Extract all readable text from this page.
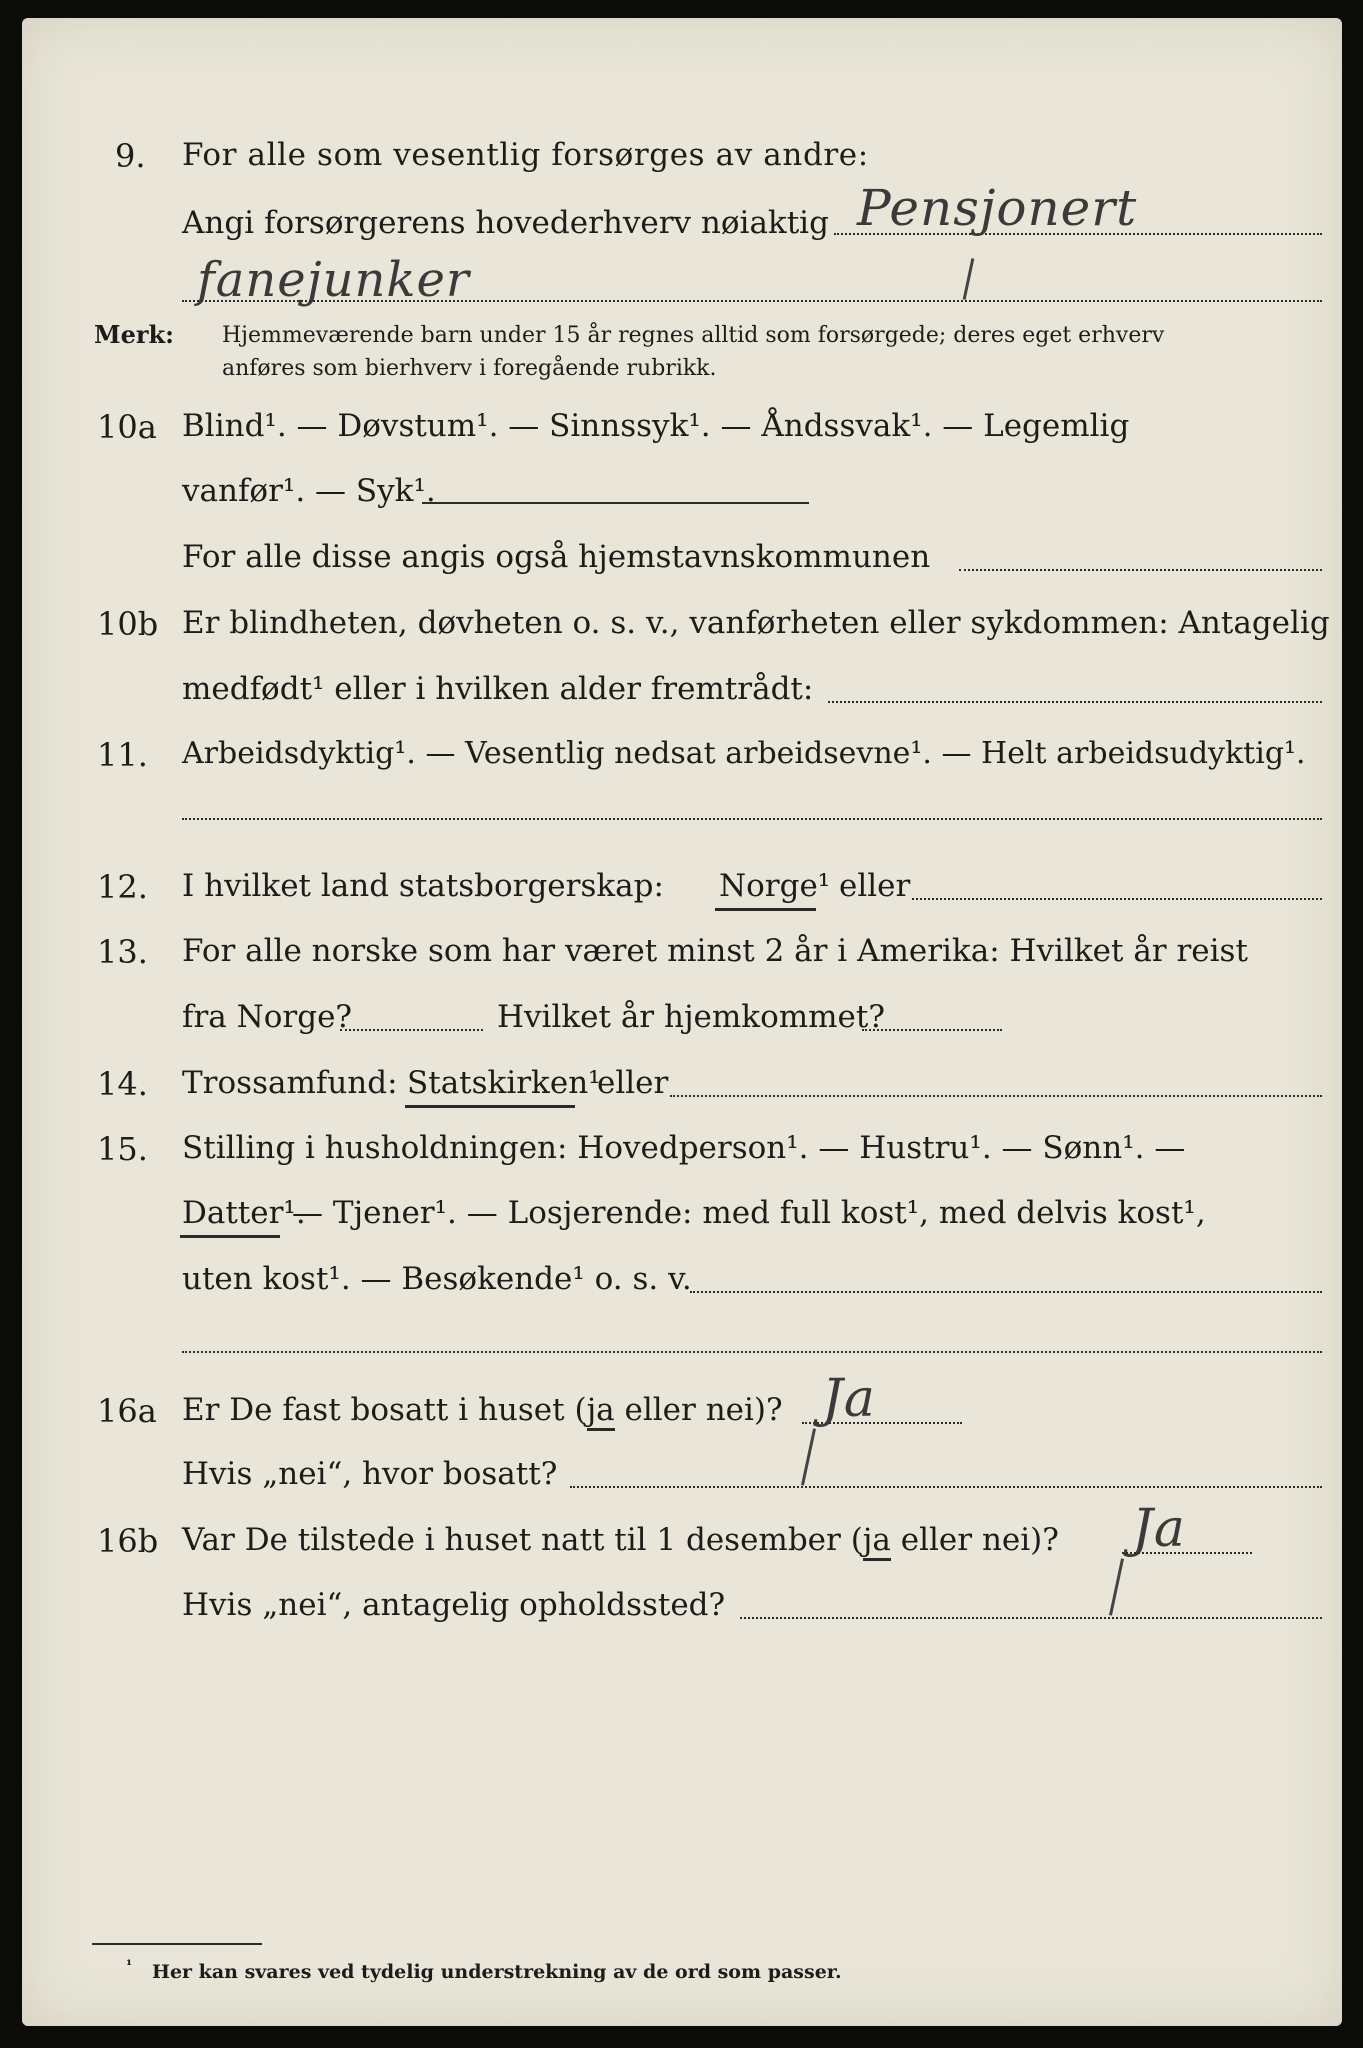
9. For alle som vesentlig forsørges av andre:
Angi forsørgerens hovederhverv nøiaktig Pensjonert
fanejunker
Merk: Hjemmeværende barn under 15 år regnes alltid som forsørgede; deres eget erhverv
anføres som bierhverv i foregående rubrikk.
10a Blind¹. — Døvstum¹. — Sinnssyk¹. — Åndssvak¹. — Legemlig
vanfør¹. — Syk¹.
For alle disse angis også hjemstavnskommunen
10b Er blindheten, døvheten o. s. v., vanførheten eller sykdommen: Antagelig
medfødt¹ eller i hvilken alder fremtrådt:
11. Arbeidsdyktig¹. — Vesentlig nedsat arbeidsevne¹. — Helt arbeidsudyktig¹.
12. I hvilket land statsborgerskap: Norge¹ eller
13. For alle norske som har været minst 2 år i Amerika: Hvilket år reist
fra Norge?	Hvilket år hjemkommet?
14. Trossamfund: Statskirken¹
eller
15. Stilling i husholdningen: Hovedperson¹. — Hustru¹. — Sønn¹. —
Datter¹.
— Tjener¹. — Losjerende: med full kost¹, med delvis kost¹,
uten kost¹. — Besøkende¹ o. s. v.
16a Er De fast bosatt i huset (ja eller nei)? Ja
Hvis „nei“, hvor bosatt?
16b Var De tilstede i huset natt til 1 desember (ja eller nei)? Ja
Hvis „nei“, antagelig opholdssted?
¹ Her kan svares ved tydelig understrekning av de ord som passer.
